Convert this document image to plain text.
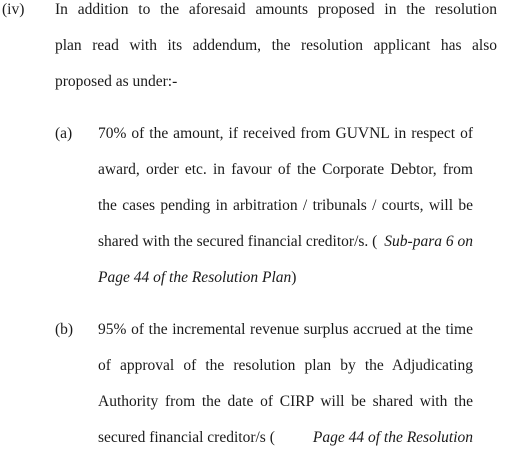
(iv) In addition to the aforesaid amounts proposed in the resolution
plan read with its addendum, the resolution applicant has also
proposed as under:-
(a) 70% of the amount, if received from GUVNL in respect of
award, order etc. in favour of the Corporate Debtor, from
the cases pending in arbitration / tribunals / courts, will be
shared with the secured financial creditor/s. ( Sub-para 6 on
Page 44 of the Resolution Plan)
(b) 95% of the incremental revenue surplus accrued at the time
of approval of the resolution plan by the Adjudicating
Authority from the date of CIRP will be shared with the
secured financial creditor/s ( Page 44 of the Resolution
